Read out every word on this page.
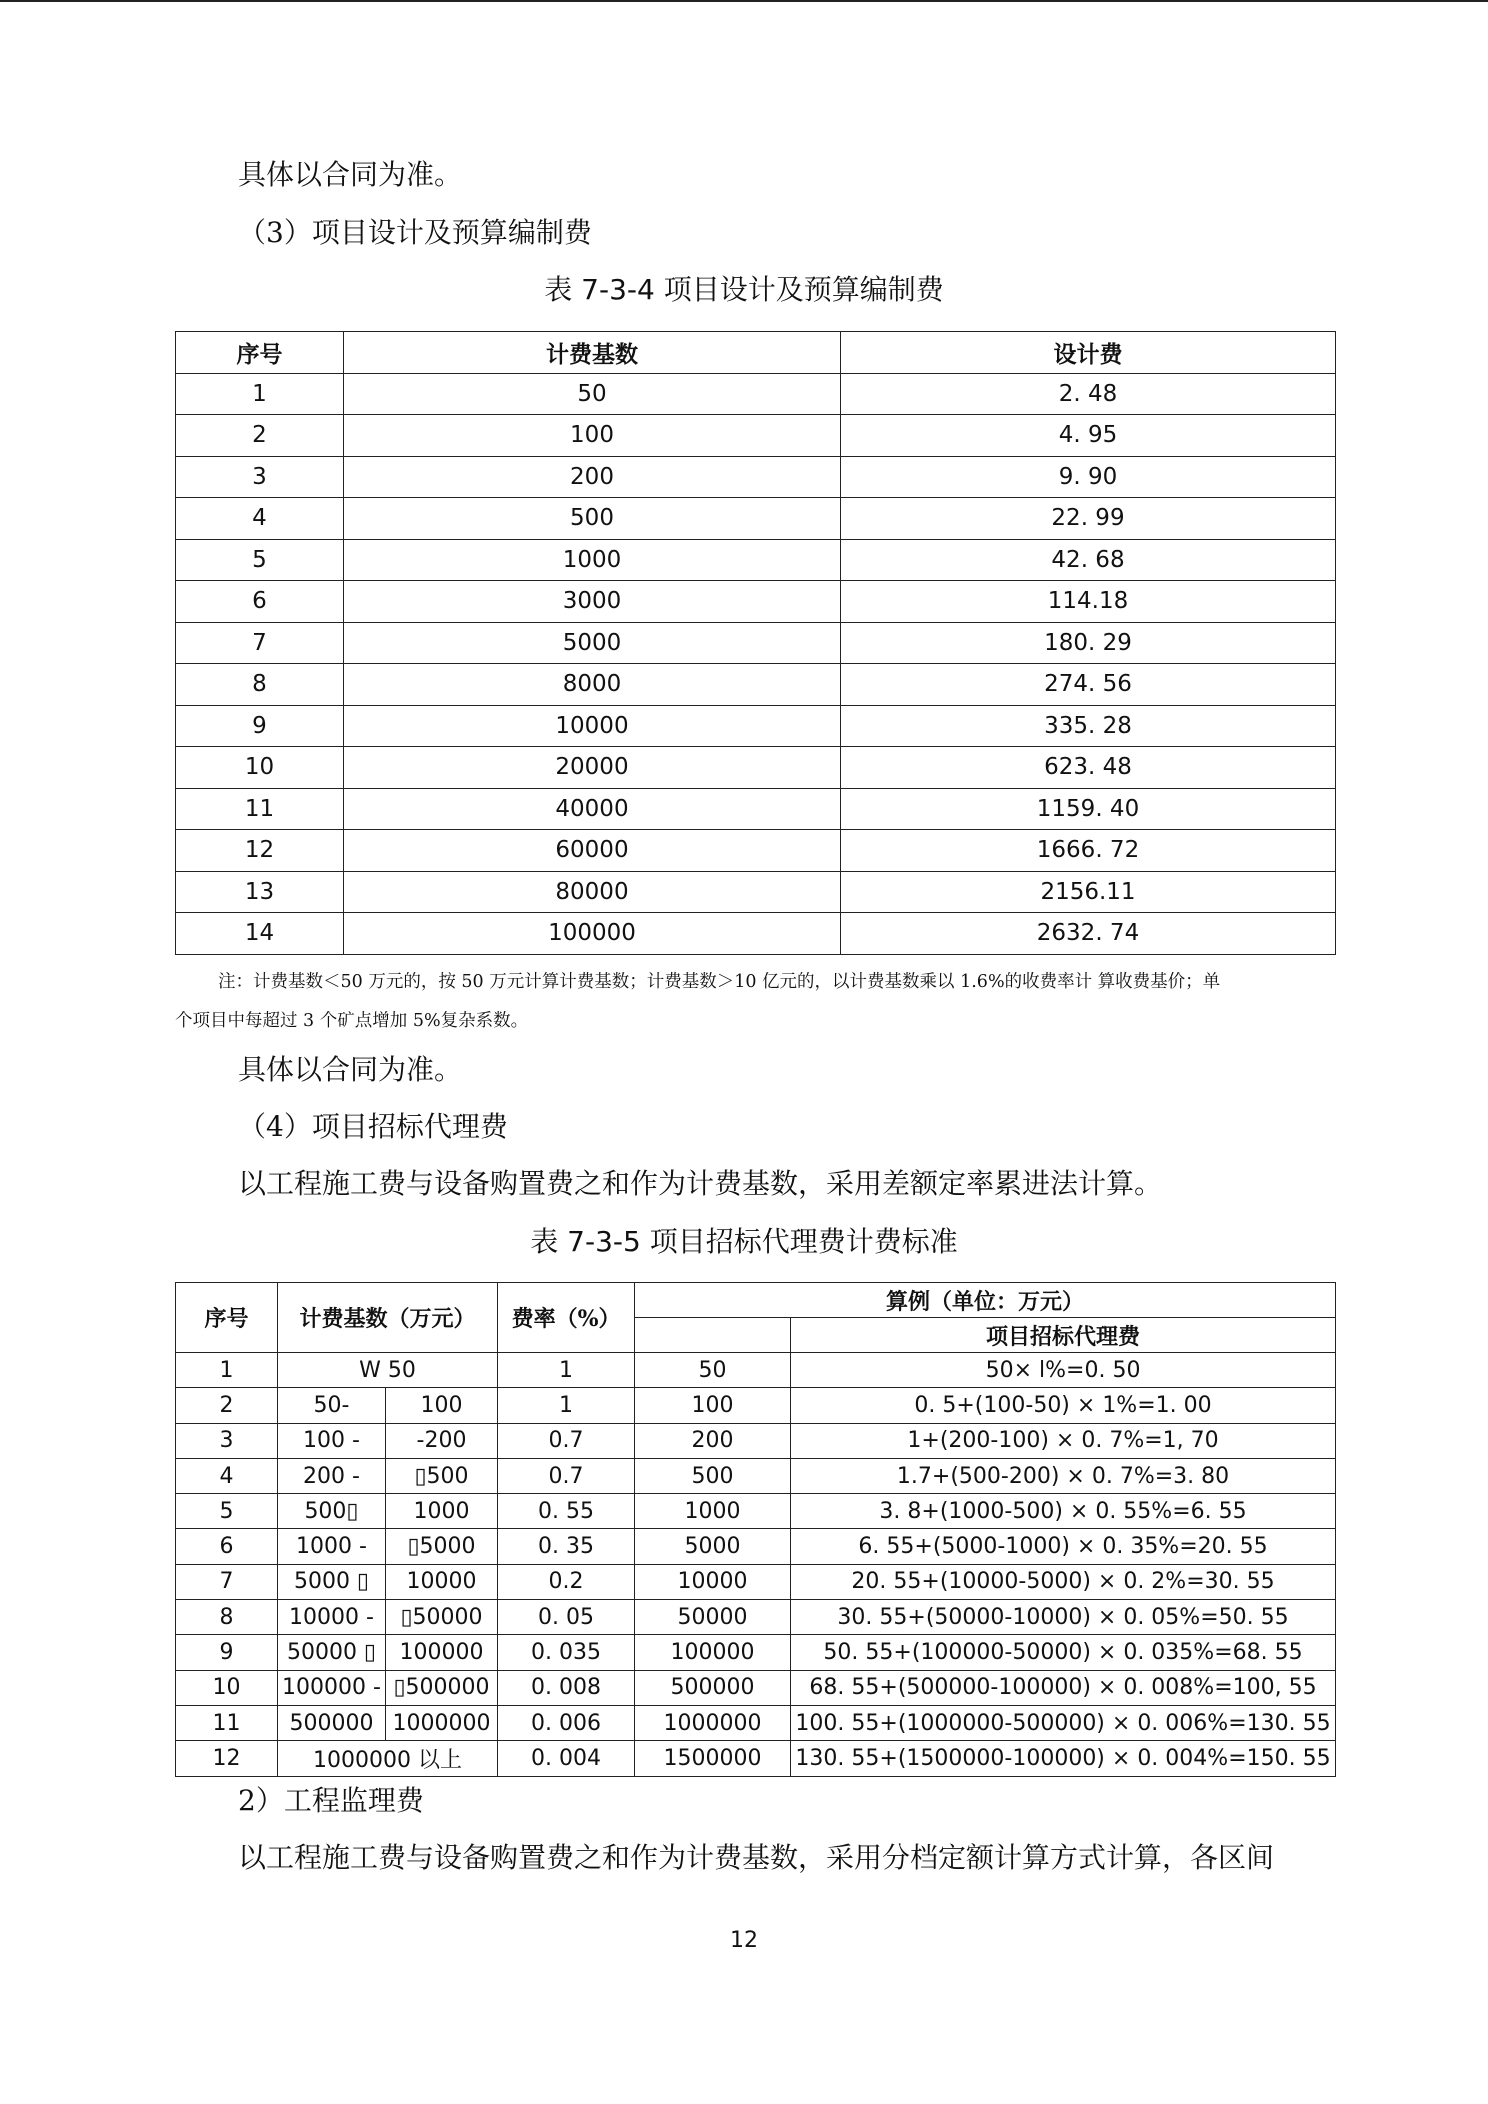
具体以合同为准。
（3）项目设计及预算编制费
表 7-3-4 项目设计及预算编制费
序号	计费基数	设计费
1	50	2. 48
2	100	4. 95
3	200	9. 90
4	500	22. 99
5	1000	42. 68
6	3000	114.18
7	5000	180. 29
8	8000	274. 56
9	10000	335. 28
10	20000	623. 48
11	40000	1159. 40
12	60000	1666. 72
13	80000	2156.11
14	100000	2632. 74
注：计费基数＜50 万元的，按 50 万元计算计费基数；计费基数＞10 亿元的，以计费基数乘以 1.6%的收费率计 算收费基价；单
个项目中每超过 3 个矿点增加 5%复杂系数。
具体以合同为准。
（4）项目招标代理费
以工程施工费与设备购置费之和作为计费基数，采用差额定率累进法计算。
表 7-3-5 项目招标代理费计费标准
序号	计费基数（万元）		费率（%）	算例（单位：万元）	
					项目招标代理费
1	W 50		1	50	50× l%=0. 50
2	50-	100	1	100	0. 5+(100-50) × 1%=1. 00
3	100 -	-200	0.7	200	1+(200-100) × 0. 7%=1, 70
4	200 -	▯500	0.7	500	1.7+(500-200) × 0. 7%=3. 80
5	500▯	1000	0. 55	1000	3. 8+(1000-500) × 0. 55%=6. 55
6	1000 -	▯5000	0. 35	5000	6. 55+(5000-1000) × 0. 35%=20. 55
7	5000 ▯	10000	0.2	10000	20. 55+(10000-5000) × 0. 2%=30. 55
8	10000 -	▯50000	0. 05	50000	30. 55+(50000-10000) × 0. 05%=50. 55
9	50000 ▯	100000	0. 035	100000	50. 55+(100000-50000) × 0. 035%=68. 55
10	100000 -	▯500000	0. 008	500000	68. 55+(500000-100000) × 0. 008%=100, 55
11	500000	1000000	0. 006	1000000	100. 55+(1000000-500000) × 0. 006%=130. 55
12	1000000 以上		0. 004	1500000	130. 55+(1500000-100000) × 0. 004%=150. 55
2）工程监理费
以工程施工费与设备购置费之和作为计费基数，采用分档定额计算方式计算，各区间
12
